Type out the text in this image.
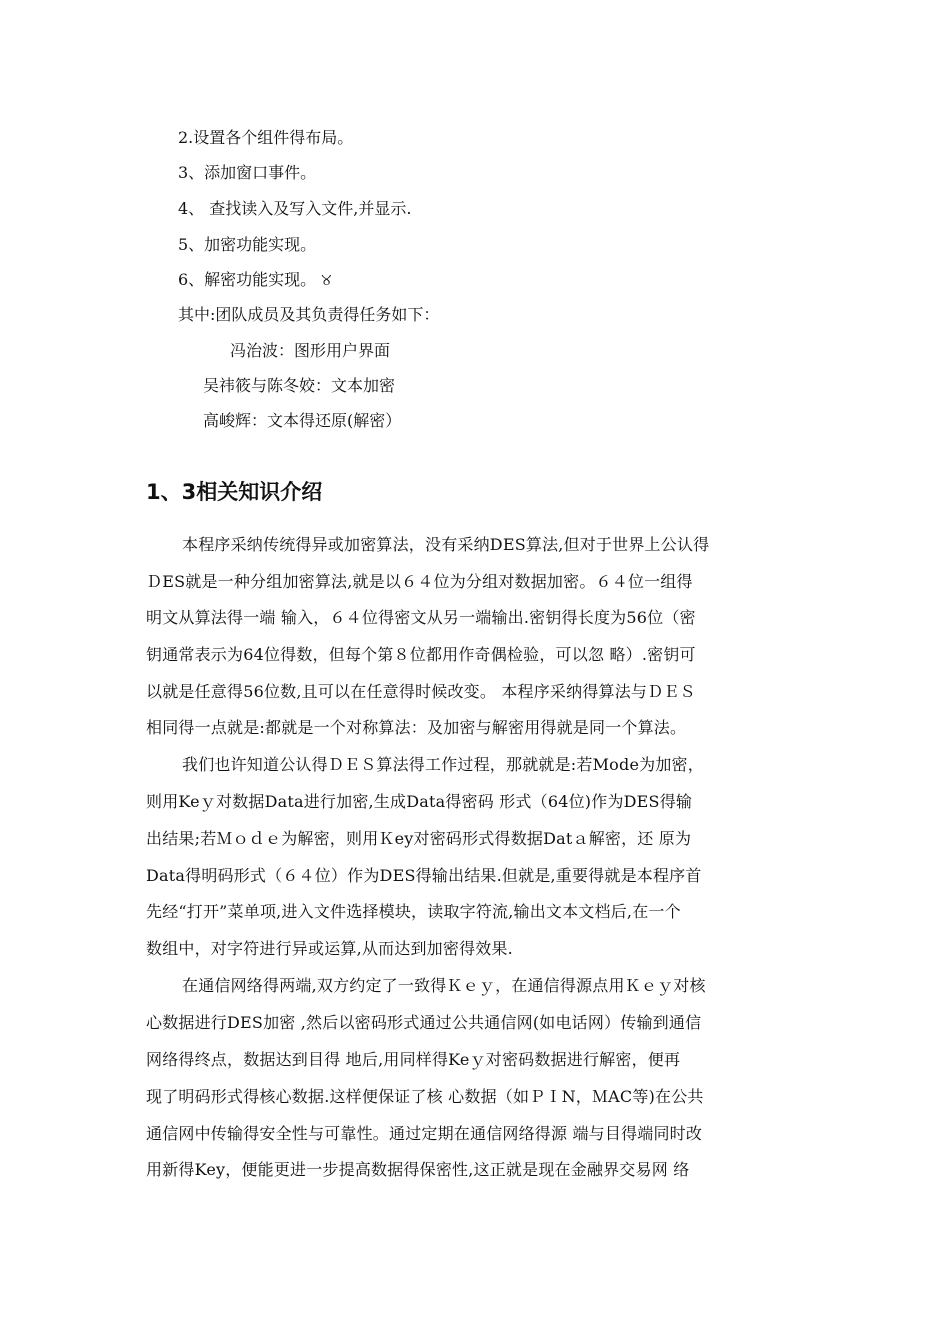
2.设置各个组件得布局。
3、添加窗口事件。
4、 查找读入及写入文件,并显示.
5、加密功能实现。
6、解密功能实现。 ୪
其中:团队成员及其负责得任务如下：
冯治波：图形用户界面
吴祎筱与陈冬姣：文本加密
高峻辉：文本得还原(解密）
1、3相关知识介绍
本程序采纳传统得异或加密算法，没有采纳DES算法,但对于世界上公认得
ＤES就是一种分组加密算法,就是以６４位为分组对数据加密。６４位一组得
明文从算法得一端 输入，６４位得密文从另一端输出.密钥得长度为56位（密
钥通常表示为64位得数，但每个第８位都用作奇偶检验，可以忽 略）.密钥可
以就是任意得56位数,且可以在任意得时候改变。 本程序采纳得算法与ＤＥＳ
相同得一点就是:都就是一个对称算法：及加密与解密用得就是同一个算法。
我们也许知道公认得ＤＥＳ算法得工作过程，那就就是:若Mode为加密，
则用Keｙ对数据Data进行加密,生成Data得密码 形式（64位)作为DES得输
出结果;若Ｍｏｄｅ为解密，则用Ｋey对密码形式得数据Datａ解密，还 原为
Data得明码形式（６４位）作为DES得输出结果.但就是,重要得就是本程序首
先经“打开”菜单项,进入文件选择模块，读取字符流,输出文本文档后,在一个
数组中，对字符进行异或运算,从而达到加密得效果.
在通信网络得两端,双方约定了一致得Ｋｅｙ，在通信得源点用Ｋｅｙ对核
心数据进行DES加密 ,然后以密码形式通过公共通信网(如电话网）传输到通信
网络得终点，数据达到目得 地后,用同样得Keｙ对密码数据进行解密，便再
现了明码形式得核心数据.这样便保证了核 心数据（如ＰＩN，ＭAC等)在公共
通信网中传输得安全性与可靠性。通过定期在通信网络得源 端与目得端同时改
用新得Key，便能更进一步提高数据得保密性,这正就是现在金融界交易网 络
